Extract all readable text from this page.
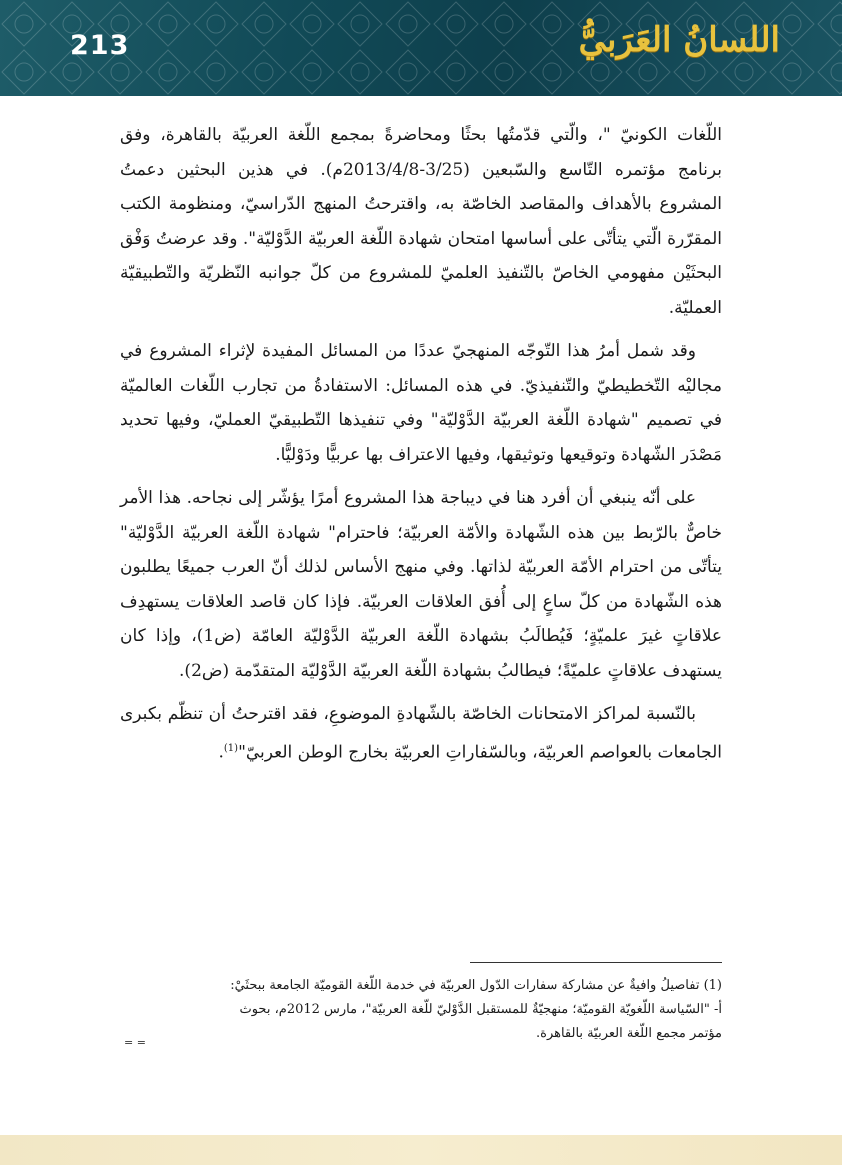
213	اللسانُ العَرَبيُّ

اللّغات الكونيّ "، والّتي قدّمتُها بحثًا ومحاضرةً بمجمع اللّغة العربيّة بالقاهرة، وفق برنامج مؤتمره التّاسع والسّبعين (3/25-2013/4/8م). في هذين البحثين دعمتُ المشروع بالأهداف والمقاصد الخاصّة به، واقترحتُ المنهج الدّراسيّ، ومنظومة الكتب المقرّرة الّتي يتأتّى على أساسها امتحان شهادة اللّغة العربيّة الدَّوْليّة". وقد عرضتُ وَفْق البحثَيْن مفهومي الخاصّ بالتّنفيذ العلميّ للمشروع من كلّ جوانبه النّظريّة والتّطبيقيّة العمليّة.

وقد شمل أمرُ هذا التّوجّه المنهجيّ عددًا من المسائل المفيدة لإثراء المشروع في مجاليْه التّخطيطيّ والتّنفيذيّ. في هذه المسائل: الاستفادةُ من تجارب اللّغات العالميّة في تصميم "شهادة اللّغة العربيّة الدَّوْليّة" وفي تنفيذها التّطبيقيّ العمليّ، وفيها تحديد مَصْدَر الشّهادة وتوقيعها وتوثيقها، وفيها الاعتراف بها عربيًّا ودَوْليًّا.

على أنّه ينبغي أن أفرد هنا في ديباجة هذا المشروع أمرًا يؤشّر إلى نجاحه. هذا الأمر خاصٌّ بالرّبط بين هذه الشّهادة والأمّة العربيّة؛ فاحترام" شهادة اللّغة العربيّة الدَّوْليّة" يتأتّى من احترام الأمّة العربيّة لذاتها. وفي منهج الأساس لذلك أنّ العرب جميعًا يطلبون هذه الشّهادة من كلّ ساعٍ إلى أُفق العلاقات العربيّة. فإذا كان قاصد العلاقات يستهدِف علاقاتٍ غيرَ علميّةٍ؛ فَيُطالَبُ بشهادة اللّغة العربيّة الدَّوْليّة العامّة (ض1)، وإذا كان يستهدف علاقاتٍ علميّةً؛ فيطالبُ بشهادة اللّغة العربيّة الدَّوْليّة المتقدّمة (ض2).

بالنّسبة لمراكز الامتحانات الخاصّة بالشّهادةِ الموضوعِ، فقد اقترحتُ أن تنظّم بكبرى الجامعات بالعواصم العربيّة، وبالسّفاراتِ العربيّة بخارج الوطن العربيّ"$^{(1)}$.

(1) تفاصيلُ وافيةٌ عن مشاركة سفارات الدّول العربيّة في خدمة اللّغة القوميّة الجامعة ببحثَيْ:
أ- "السّياسة اللّغويّة القوميّة؛ منهجيّةٌ للمستقبل الدَّوْليّ للّغة العربيّة"، مارس 2012م، بحوث
مؤتمر مجمع اللّغة العربيّة بالقاهرة.
= =
